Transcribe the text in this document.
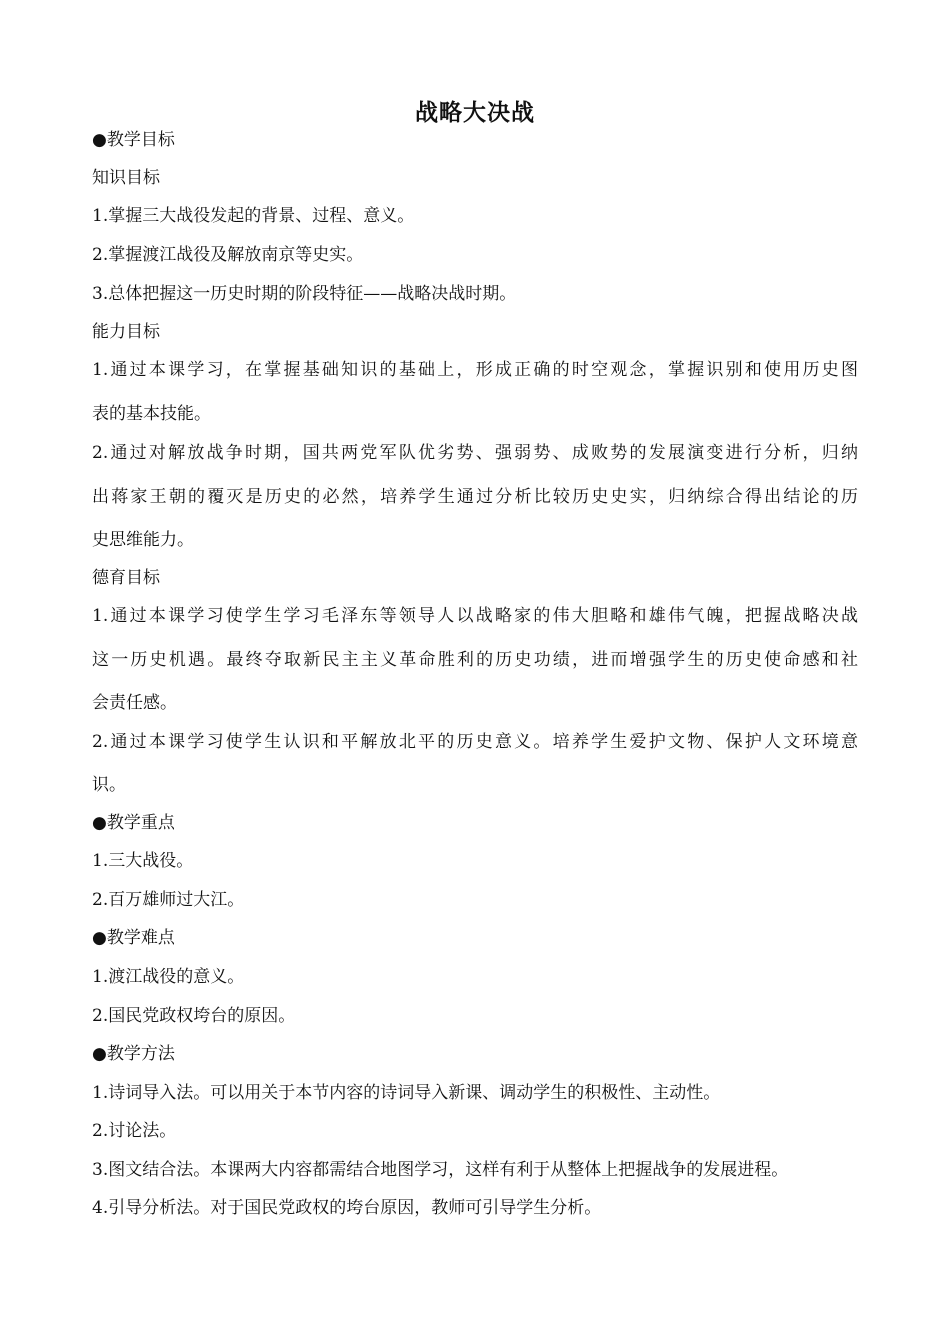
战略大决战
●教学目标
知识目标
1.掌握三大战役发起的背景、过程、意义。
2.掌握渡江战役及解放南京等史实。
3.总体把握这一历史时期的阶段特征——战略决战时期。
能力目标
1.通过本课学习，在掌握基础知识的基础上，形成正确的时空观念，掌握识别和使用历史图
表的基本技能。
2.通过对解放战争时期，国共两党军队优劣势、强弱势、成败势的发展演变进行分析，归纳
出蒋家王朝的覆灭是历史的必然，培养学生通过分析比较历史史实，归纳综合得出结论的历
史思维能力。
德育目标
1.通过本课学习使学生学习毛泽东等领导人以战略家的伟大胆略和雄伟气魄，把握战略决战
这一历史机遇。最终夺取新民主主义革命胜利的历史功绩，进而增强学生的历史使命感和社
会责任感。
2.通过本课学习使学生认识和平解放北平的历史意义。培养学生爱护文物、保护人文环境意
识。
●教学重点
1.三大战役。
2.百万雄师过大江。
●教学难点
1.渡江战役的意义。
2.国民党政权垮台的原因。
●教学方法
1.诗词导入法。可以用关于本节内容的诗词导入新课、调动学生的积极性、主动性。
2.讨论法。
3.图文结合法。本课两大内容都需结合地图学习，这样有利于从整体上把握战争的发展进程。
4.引导分析法。对于国民党政权的垮台原因，教师可引导学生分析。
